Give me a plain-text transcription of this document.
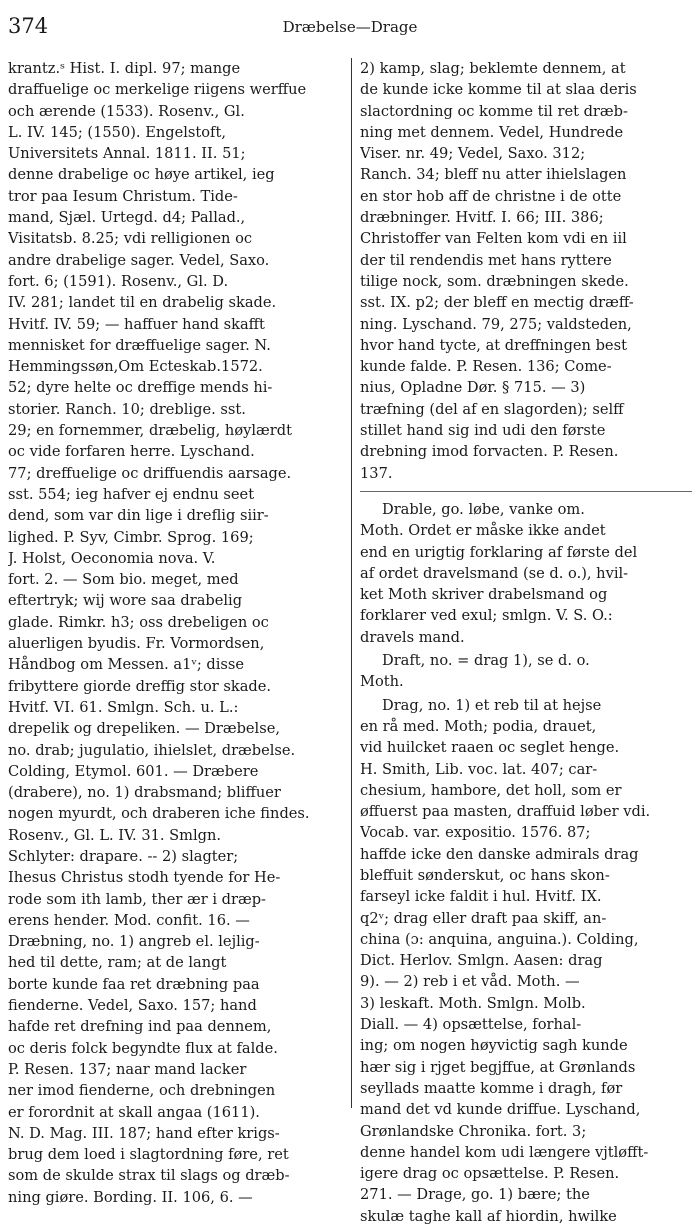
374	Dræbelse—Drage

krantz.ˢ Hist. I. dipl. 97; mange
draffuelige oc merkelige riigens werffue
och ærende (1533). Rosenv., Gl.
L. IV. 145; (1550). Engelstoft,
Universitets Annal. 1811. II. 51;
denne drabelige oc høye artikel, ieg
tror paa Iesum Christum. Tide-
mand, Sjæl. Urtegd. d4; Pallad.,
Visitatsb. 8.25; vdi relligionen oc
andre drabelige sager. Vedel, Saxo.
fort. 6; (1591). Rosenv., Gl. D.
IV. 281; landet til en drabelig skade.
Hvitf. IV. 59; — haffuer hand skafft
mennisket for dræffuelige sager. N.
Hemmingssøn,Om Ecteskab.1572.
52; dyre helte oc dreffige mends hi-
storier. Ranch. 10; dreblige. sst.
29; en fornemmer, dræbelig, høylærdt
oc vide forfaren herre. Lyschand.
77; dreffuelige oc driffuendis aarsage.
sst. 554; ieg hafver ej endnu seet
dend, som var din lige i dreflig siir-
lighed. P. Syv, Cimbr. Sprog. 169;
J. Holst, Oeconomia nova. V.
fort. 2. — Som bio. meget, med
eftertryk; wij wore saa drabelig
glade. Rimkr. h3; oss drebeligen oc
aluerligen byudis. Fr. Vormordsen,
Håndbog om Messen. a1ᵛ; disse
fribyttere giorde dreffig stor skade.
Hvitf. VI. 61. Smlgn. Sch. u. L.:
drepelik og drepeliken. — Dræbelse,
no. drab; jugulatio, ihielslet, dræbelse.
Colding, Etymol. 601. — Dræbere
(drabere), no. 1) drabsmand; bliffuer
nogen myurdt, och draberen iche findes.
Rosenv., Gl. L. IV. 31. Smlgn.
Schlyter: drapare. -- 2) slagter;
Ihesus Christus stodh tyende for He-
rode som ith lamb, ther ær i dræp-
erens hender. Mod. confit. 16. —
Dræbning, no. 1) angreb el. lejlig-
hed til dette, ram; at de langt
borte kunde faa ret dræbning paa
fienderne. Vedel, Saxo. 157; hand
hafde ret drefning ind paa dennem,
oc deris folck begyndte flux at falde.
P. Resen. 137; naar mand lacker
ner imod fienderne, och drebningen
er forordnit at skall angaa (1611).
N. D. Mag. III. 187; hand efter krigs-
brug dem loed i slagtordning føre, ret
som de skulde strax til slags og dræb-
ning giøre. Bording. II. 106, 6. —

2) kamp, slag; beklemte dennem, at
de kunde icke komme til at slaa deris
slactordning oc komme til ret dræb-
ning met dennem. Vedel, Hundrede
Viser. nr. 49; Vedel, Saxo. 312;
Ranch. 34; bleff nu atter ihielslagen
en stor hob aff de christne i de otte
dræbninger. Hvitf. I. 66; III. 386;
Christoffer van Felten kom vdi en iil
der til rendendis met hans ryttere
tilige nock, som. dræbningen skede.
sst. IX. p2; der bleff en mectig dræff-
ning. Lyschand. 79, 275; valdsteden,
hvor hand tycte, at dreffningen best
kunde falde. P. Resen. 136; Come-
nius, Opladne Dør. § 715. — 3)
træfning (del af en slagorden); selff
stillet hand sig ind udi den første
drebning imod forvacten. P. Resen.
137.

Drable, go. løbe, vanke om.
Moth. Ordet er måske ikke andet
end en urigtig forklaring af første del
af ordet dravelsmand (se d. o.), hvil-
ket Moth skriver drabelsmand og
forklarer ved exul; smlgn. V. S. O.:
dravels mand.

Draft, no. = drag 1), se d. o.
Moth.

Drag, no. 1) et reb til at hejse
en rå med. Moth; podia, drauet,
vid huilcket raaen oc seglet henge.
H. Smith, Lib. voc. lat. 407; car-
chesium, hambore, det holl, som er
øffuerst paa masten, draffuid løber vdi.
Vocab. var. expositio. 1576. 87;
haffde icke den danske admirals drag
bleffuit sønderskut, oc hans skon-
farseyl icke faldit i hul. Hvitf. IX.
q2ᵛ; drag eller draft paa skiff, an-
china (ɔ: anquina, anguina.). Colding,
Dict. Herlov. Smlgn. Aasen: drag
9). — 2) reb i et våd. Moth. —
3) leskaft. Moth. Smlgn. Molb.
Diall. — 4) opsættelse, forhal-
ing; om nogen høyvictig sagh kunde
hær sig i rjget begjffue, at Grønlands
seyllads maatte komme i dragh, før
mand det vd kunde driffue. Lyschand,
Grønlandske Chronika. fort. 3;
denne handel kom udi længere vjtløfft-
igere drag oc opsættelse. P. Resen.
271. — Drage, go. 1) bære; the
skulæ taghe kall af hiordin, hwilke
